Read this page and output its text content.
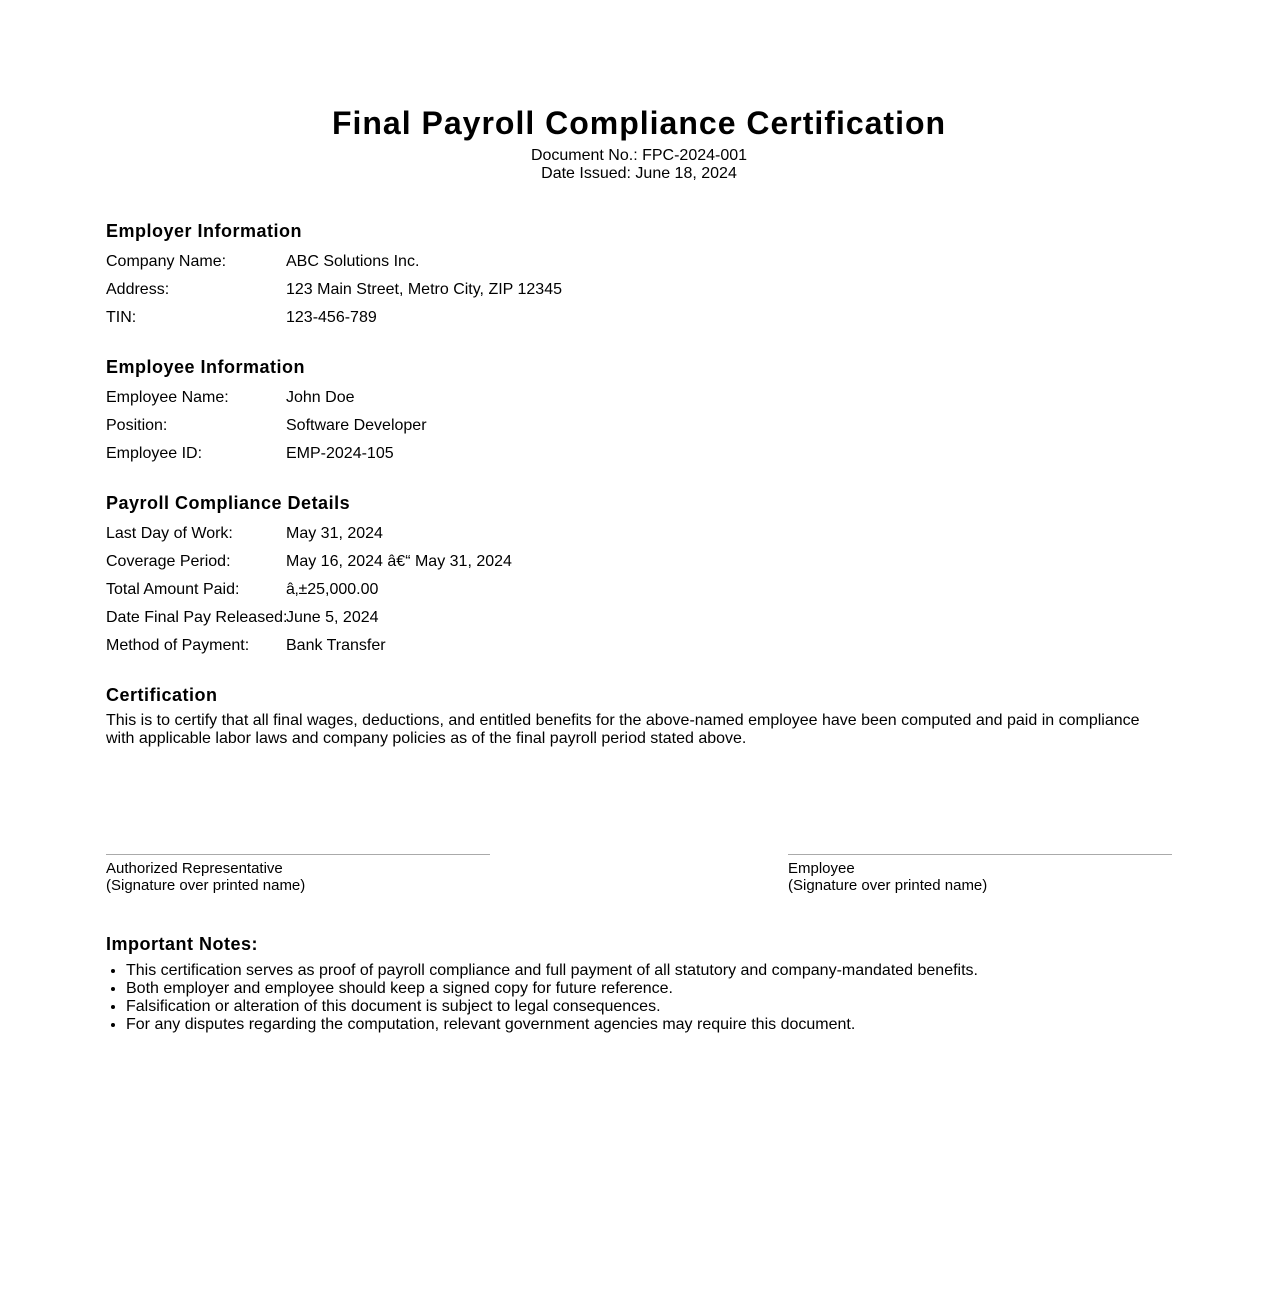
Final Payroll Compliance Certification
Document No.: FPC-2024-001
Date Issued: June 18, 2024
Employer Information
Company Name:	ABC Solutions Inc.
Address:	123 Main Street, Metro City, ZIP 12345
TIN:	123-456-789
Employee Information
Employee Name:	John Doe
Position:	Software Developer
Employee ID:	EMP-2024-105
Payroll Compliance Details
Last Day of Work:	May 31, 2024
Coverage Period:	May 16, 2024 â€“ May 31, 2024
Total Amount Paid:	â‚±25,000.00
Date Final Pay Released:
June 5, 2024
Method of Payment:	Bank Transfer
Certification

This is to certify that all final wages, deductions, and entitled benefits for the above-named employee have been computed and paid in compliance with applicable labor laws and company policies as of the final payroll period stated above.

Authorized Representative
(Signature over printed name)
Employee
(Signature over printed name)
Important Notes:
• This certification serves as proof of payroll compliance and full payment of all statutory and company-mandated benefits.
• Both employer and employee should keep a signed copy for future reference.
• Falsification or alteration of this document is subject to legal consequences.
• For any disputes regarding the computation, relevant government agencies may require this document.
